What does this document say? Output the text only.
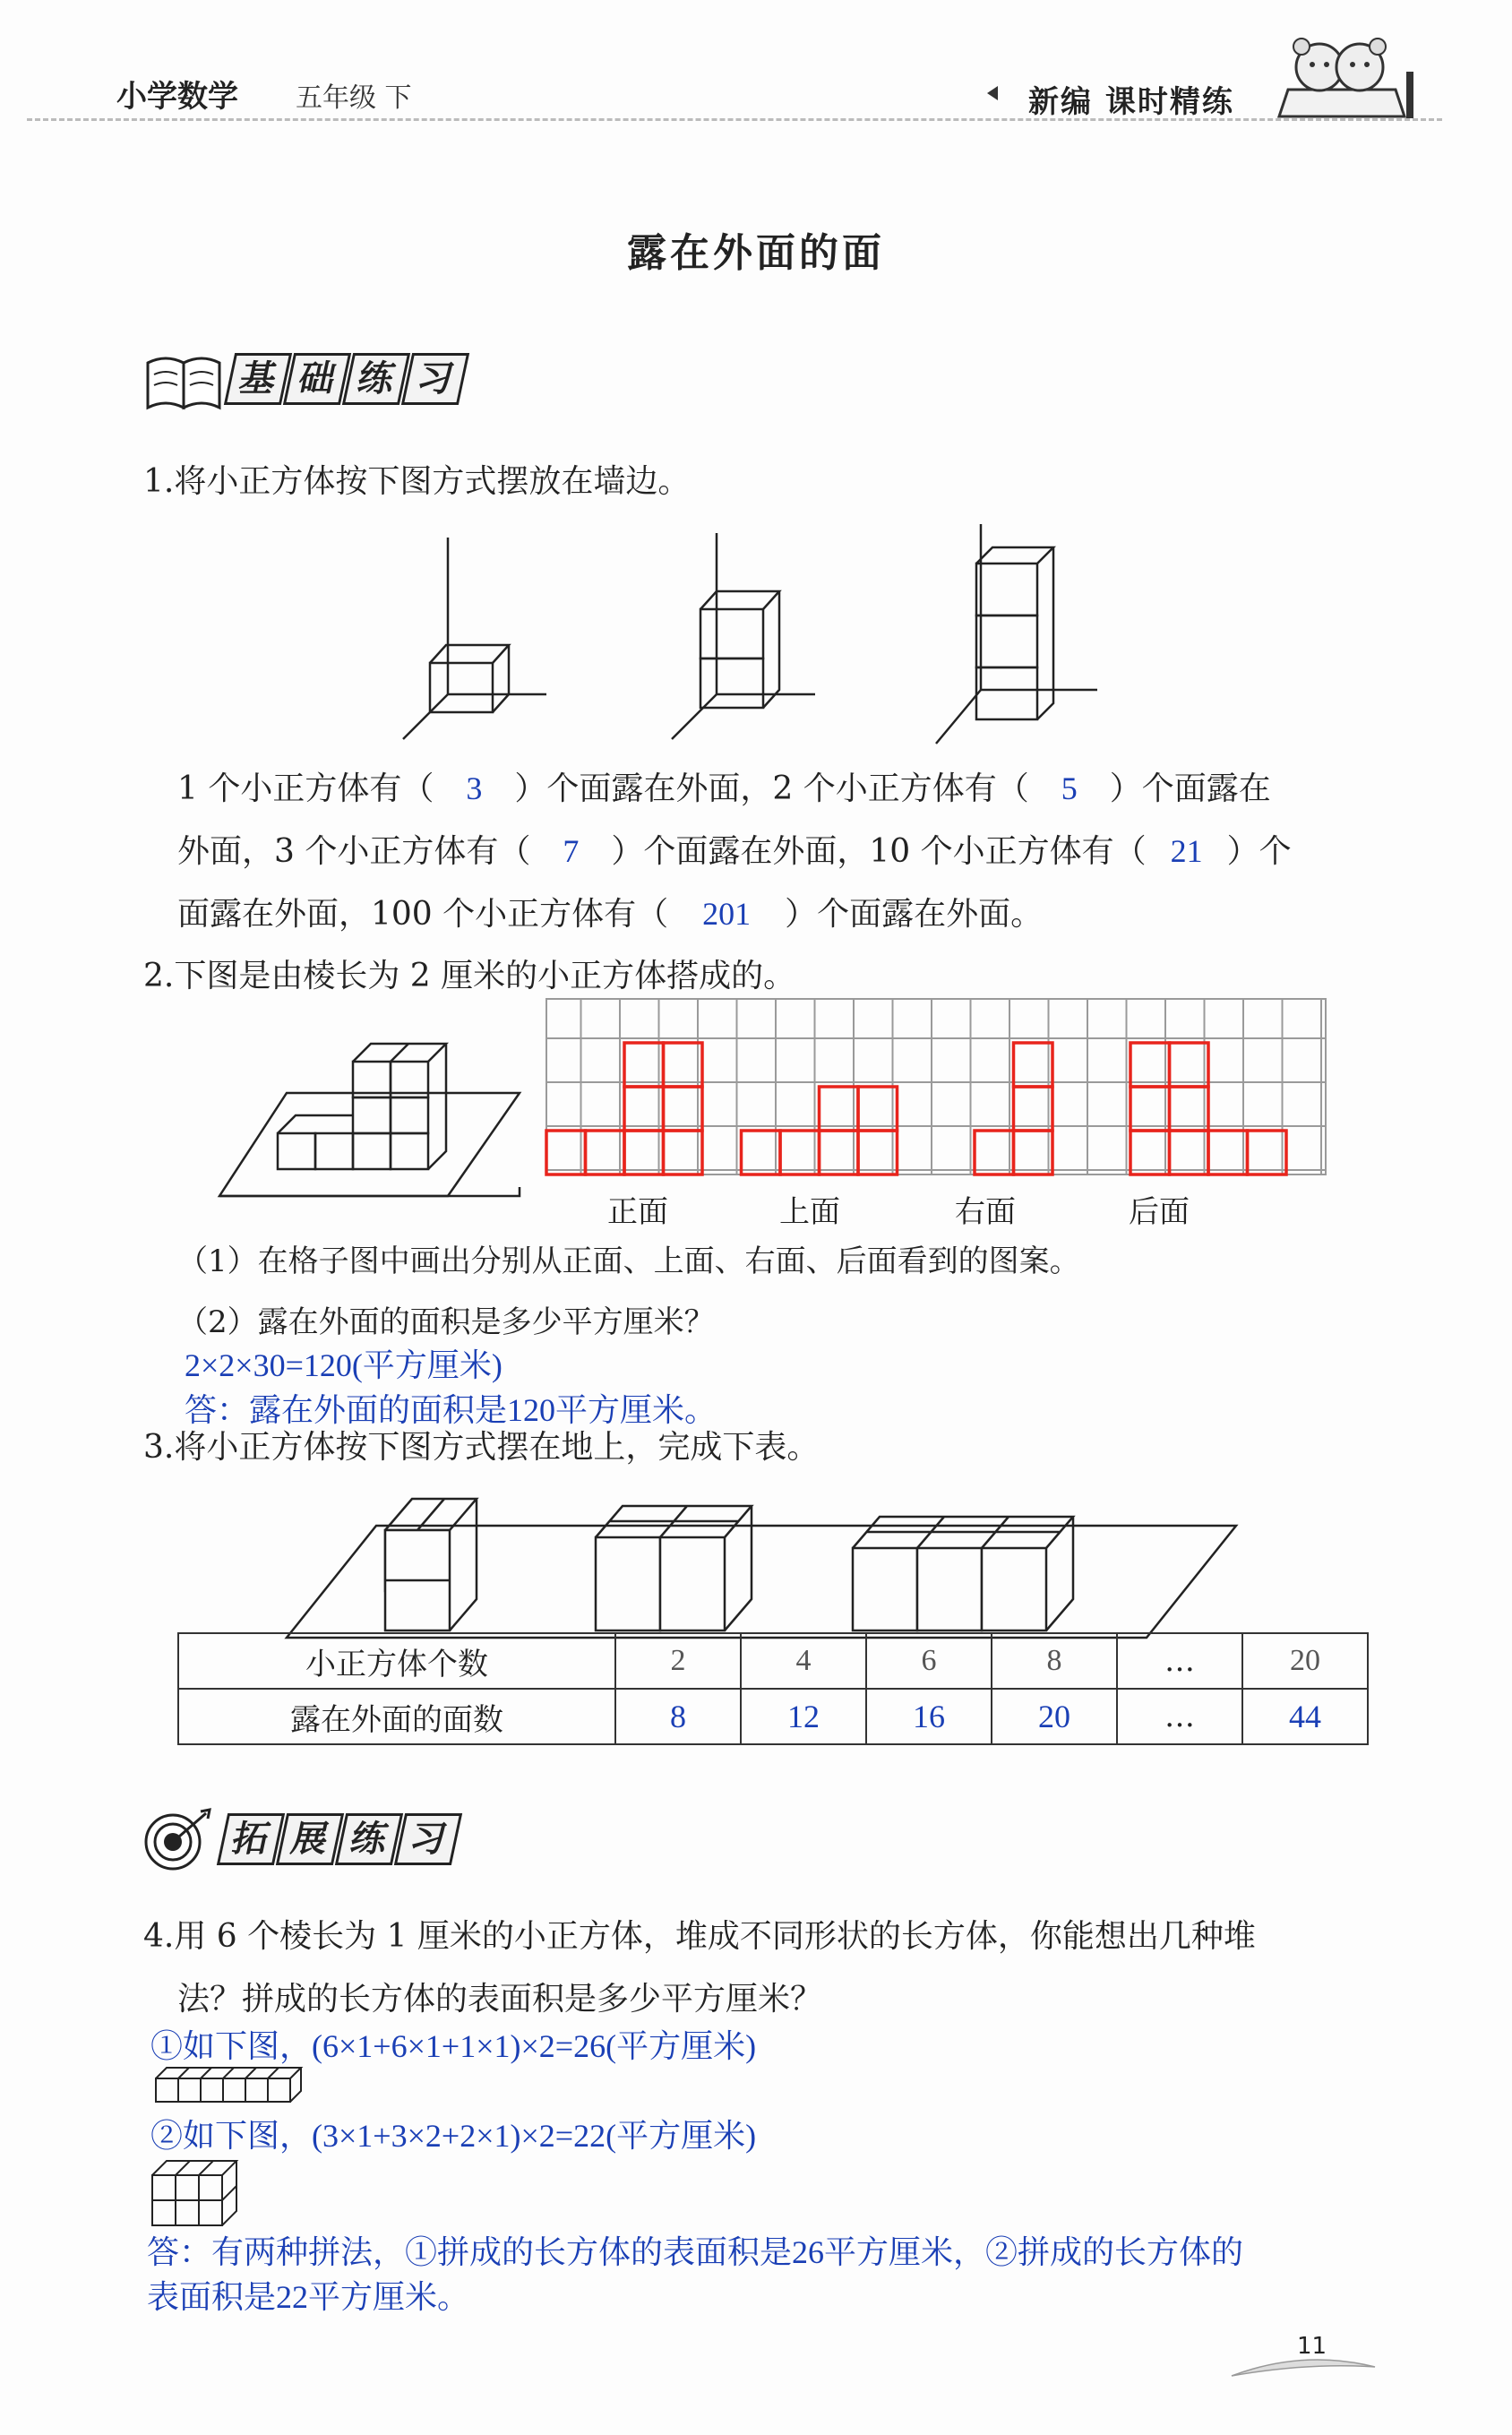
小学数学 五年级 下	新编 课时精练
露在外面的面
基 础 练 习
1.将小正方体按下图方式摆放在墙边。
1 个小正方体有（ 3 ）个面露在外面，2 个小正方体有（ 5 ）个面露在
外面，3 个小正方体有（ 7 ）个面露在外面，10 个小正方体有（ 21 ）个
面露在外面，100 个小正方体有（ 201 ）个面露在外面。
2.下图是由棱长为 2 厘米的小正方体搭成的。
正面	上面	右面	后面
（1）在格子图中画出分别从正面、上面、右面、后面看到的图案。
（2）露在外面的面积是多少平方厘米？
2×2×30=120(平方厘米)
答：露在外面的面积是120平方厘米。
3.将小正方体按下图方式摆在地上，完成下表。
小正方体个数	2	4	6	8	…	20
露在外面的面数	8	12	16	20	…	44
拓 展 练 习
4.用 6 个棱长为 1 厘米的小正方体，堆成不同形状的长方体，你能想出几种堆
法？拼成的长方体的表面积是多少平方厘米？
①如下图，(6×1+6×1+1×1)×2=26(平方厘米)
②如下图，(3×1+3×2+2×1)×2=22(平方厘米)
答：有两种拼法，①拼成的长方体的表面积是26平方厘米，②拼成的长方体的
表面积是22平方厘米。
11
